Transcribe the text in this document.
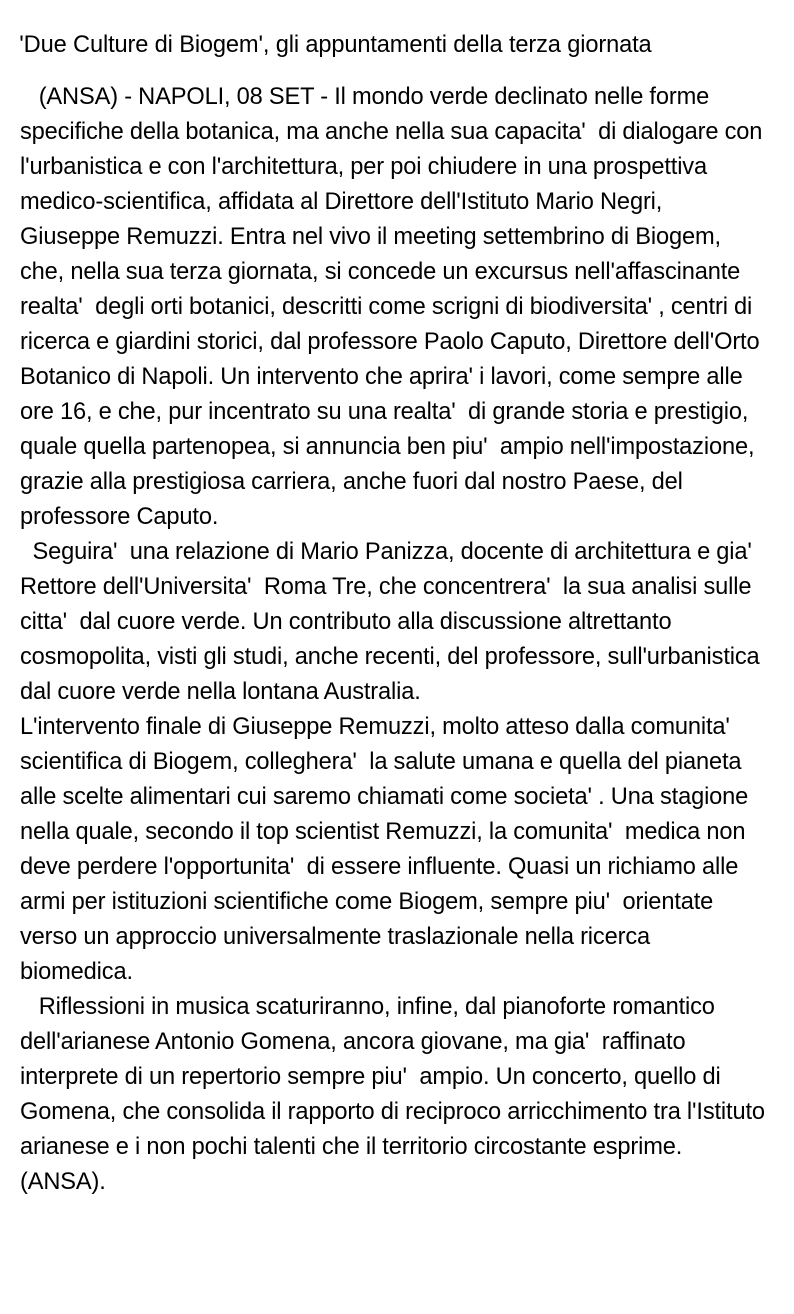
'Due Culture di Biogem', gli appuntamenti della terza giornata

(ANSA) - NAPOLI, 08 SET - Il mondo verde declinato nelle forme specifiche della botanica, ma anche nella sua capacita'  di dialogare con l'urbanistica e con l'architettura, per poi chiudere in una prospettiva medico-scientifica, affidata al Direttore dell'Istituto Mario Negri, Giuseppe Remuzzi. Entra nel vivo il meeting settembrino di Biogem, che, nella sua terza giornata, si concede un excursus nell'affascinante realta'  degli orti botanici, descritti come scrigni di biodiversita' , centri di ricerca e giardini storici, dal professore Paolo Caputo, Direttore dell'Orto Botanico di Napoli. Un intervento che aprira' i lavori, come sempre alle ore 16, e che, pur incentrato su una realta'  di grande storia e prestigio, quale quella partenopea, si annuncia ben piu'  ampio nell'impostazione, grazie alla prestigiosa carriera, anche fuori dal nostro Paese, del professore Caputo.

Seguira'  una relazione di Mario Panizza, docente di architettura e gia'  Rettore dell'Universita'  Roma Tre, che concentrera'  la sua analisi sulle citta'  dal cuore verde. Un contributo alla discussione altrettanto cosmopolita, visti gli studi, anche recenti, del professore, sull'urbanistica dal cuore verde nella lontana Australia.

L'intervento finale di Giuseppe Remuzzi, molto atteso dalla comunita'  scientifica di Biogem, colleghera'  la salute umana e quella del pianeta alle scelte alimentari cui saremo chiamati come societa' . Una stagione nella quale, secondo il top scientist Remuzzi, la comunita'  medica non deve perdere l'opportunita'  di essere influente. Quasi un richiamo alle armi per istituzioni scientifiche come Biogem, sempre piu'  orientate verso un approccio universalmente traslazionale nella ricerca biomedica.

Riflessioni in musica scaturiranno, infine, dal pianoforte romantico dell'arianese Antonio Gomena, ancora giovane, ma gia'  raffinato interprete di un repertorio sempre piu'  ampio. Un concerto, quello di Gomena, che consolida il rapporto di reciproco arricchimento tra l'Istituto arianese e i non pochi talenti che il territorio circostante esprime. (ANSA).
